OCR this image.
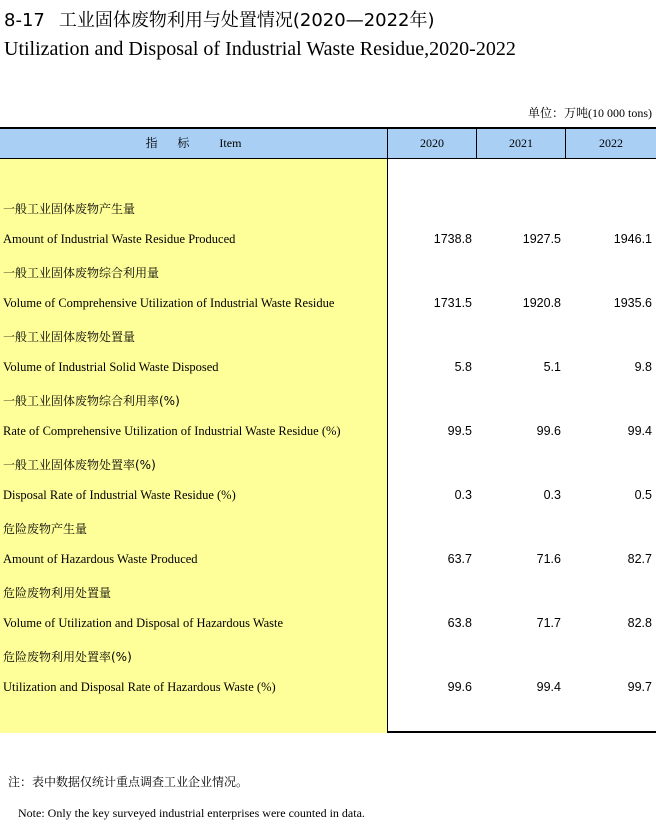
8-17 工业固体废物利用与处置情况(2020—2022年)
Utilization and Disposal of Industrial Waste Residue,2020-2022
单位：万吨(10 000 tons)
指 标 Item	2020	2021	2022
一般工业固体废物产生量
Amount of Industrial Waste Residue Produced	1738.8	1927.5	1946.1
一般工业固体废物综合利用量
Volume of Comprehensive Utilization of Industrial Waste Residue	1731.5	1920.8	1935.6
一般工业固体废物处置量
Volume of Industrial Solid Waste Disposed	5.8	5.1	9.8
一般工业固体废物综合利用率(%)
Rate of Comprehensive Utilization of Industrial Waste Residue (%)	99.5	99.6	99.4
一般工业固体废物处置率(%)
Disposal Rate of Industrial Waste Residue (%)	0.3	0.3	0.5
危险废物产生量
Amount of Hazardous Waste Produced	63.7	71.6	82.7
危险废物利用处置量
Volume of Utilization and Disposal of Hazardous Waste	63.8	71.7	82.8
危险废物利用处置率(%)
Utilization and Disposal Rate of Hazardous Waste (%)	99.6	99.4	99.7
注：表中数据仅统计重点调查工业企业情况。
Note: Only the key surveyed industrial enterprises were counted in data.
